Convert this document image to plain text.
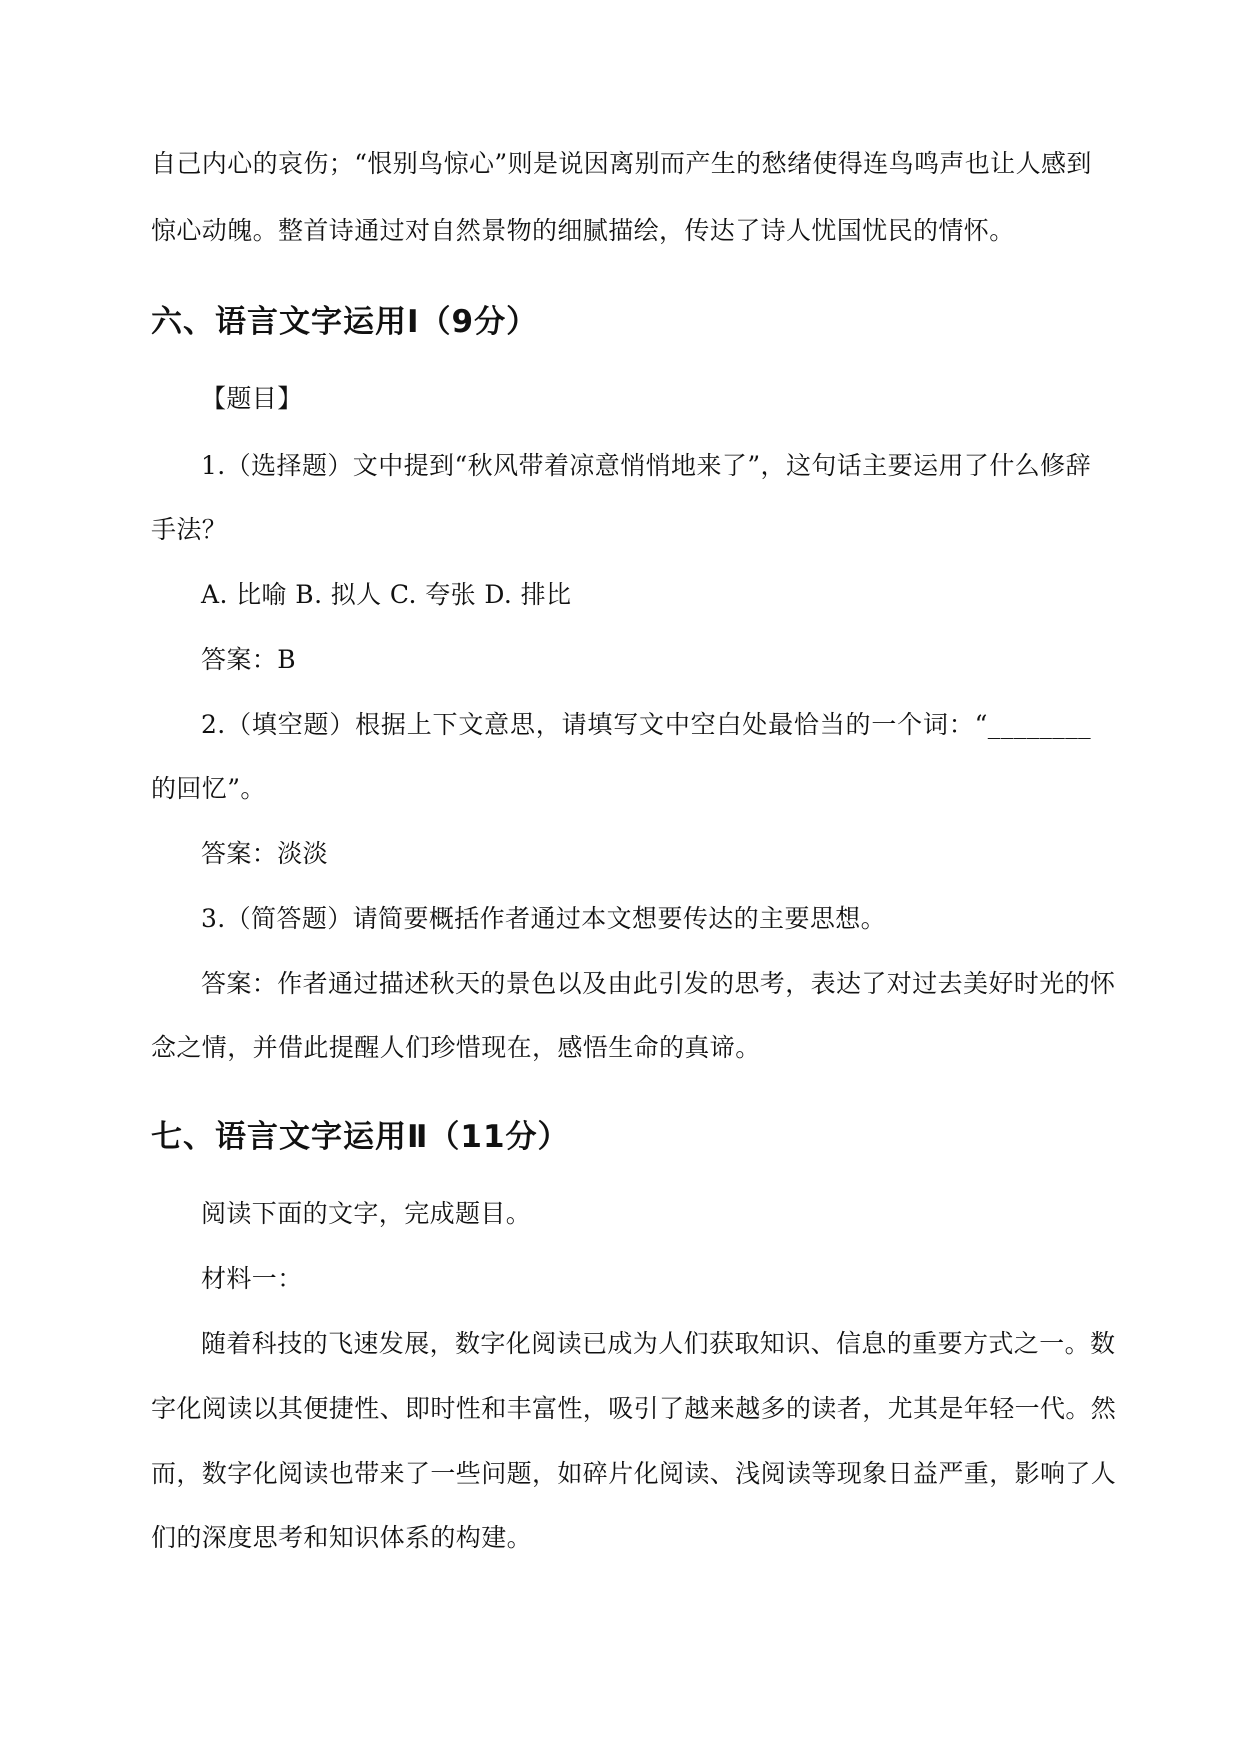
自己内心的哀伤；“恨别鸟惊心”则是说因离别而产生的愁绪使得连鸟鸣声也让人感到
惊心动魄。整首诗通过对自然景物的细腻描绘，传达了诗人忧国忧民的情怀。
六、语言文字运用Ⅰ（9分）
【题目】
1.（选择题）文中提到“秋风带着凉意悄悄地来了”，这句话主要运用了什么修辞
手法？
A. 比喻 B. 拟人 C. 夸张 D. 排比
答案：B
2.（填空题）根据上下文意思，请填写文中空白处最恰当的一个词：“________
的回忆”。
答案：淡淡
3.（简答题）请简要概括作者通过本文想要传达的主要思想。
答案：作者通过描述秋天的景色以及由此引发的思考，表达了对过去美好时光的怀
念之情，并借此提醒人们珍惜现在，感悟生命的真谛。
七、语言文字运用Ⅱ（11分）
阅读下面的文字，完成题目。
材料一：
随着科技的飞速发展，数字化阅读已成为人们获取知识、信息的重要方式之一。数
字化阅读以其便捷性、即时性和丰富性，吸引了越来越多的读者，尤其是年轻一代。然
而，数字化阅读也带来了一些问题，如碎片化阅读、浅阅读等现象日益严重，影响了人
们的深度思考和知识体系的构建。
